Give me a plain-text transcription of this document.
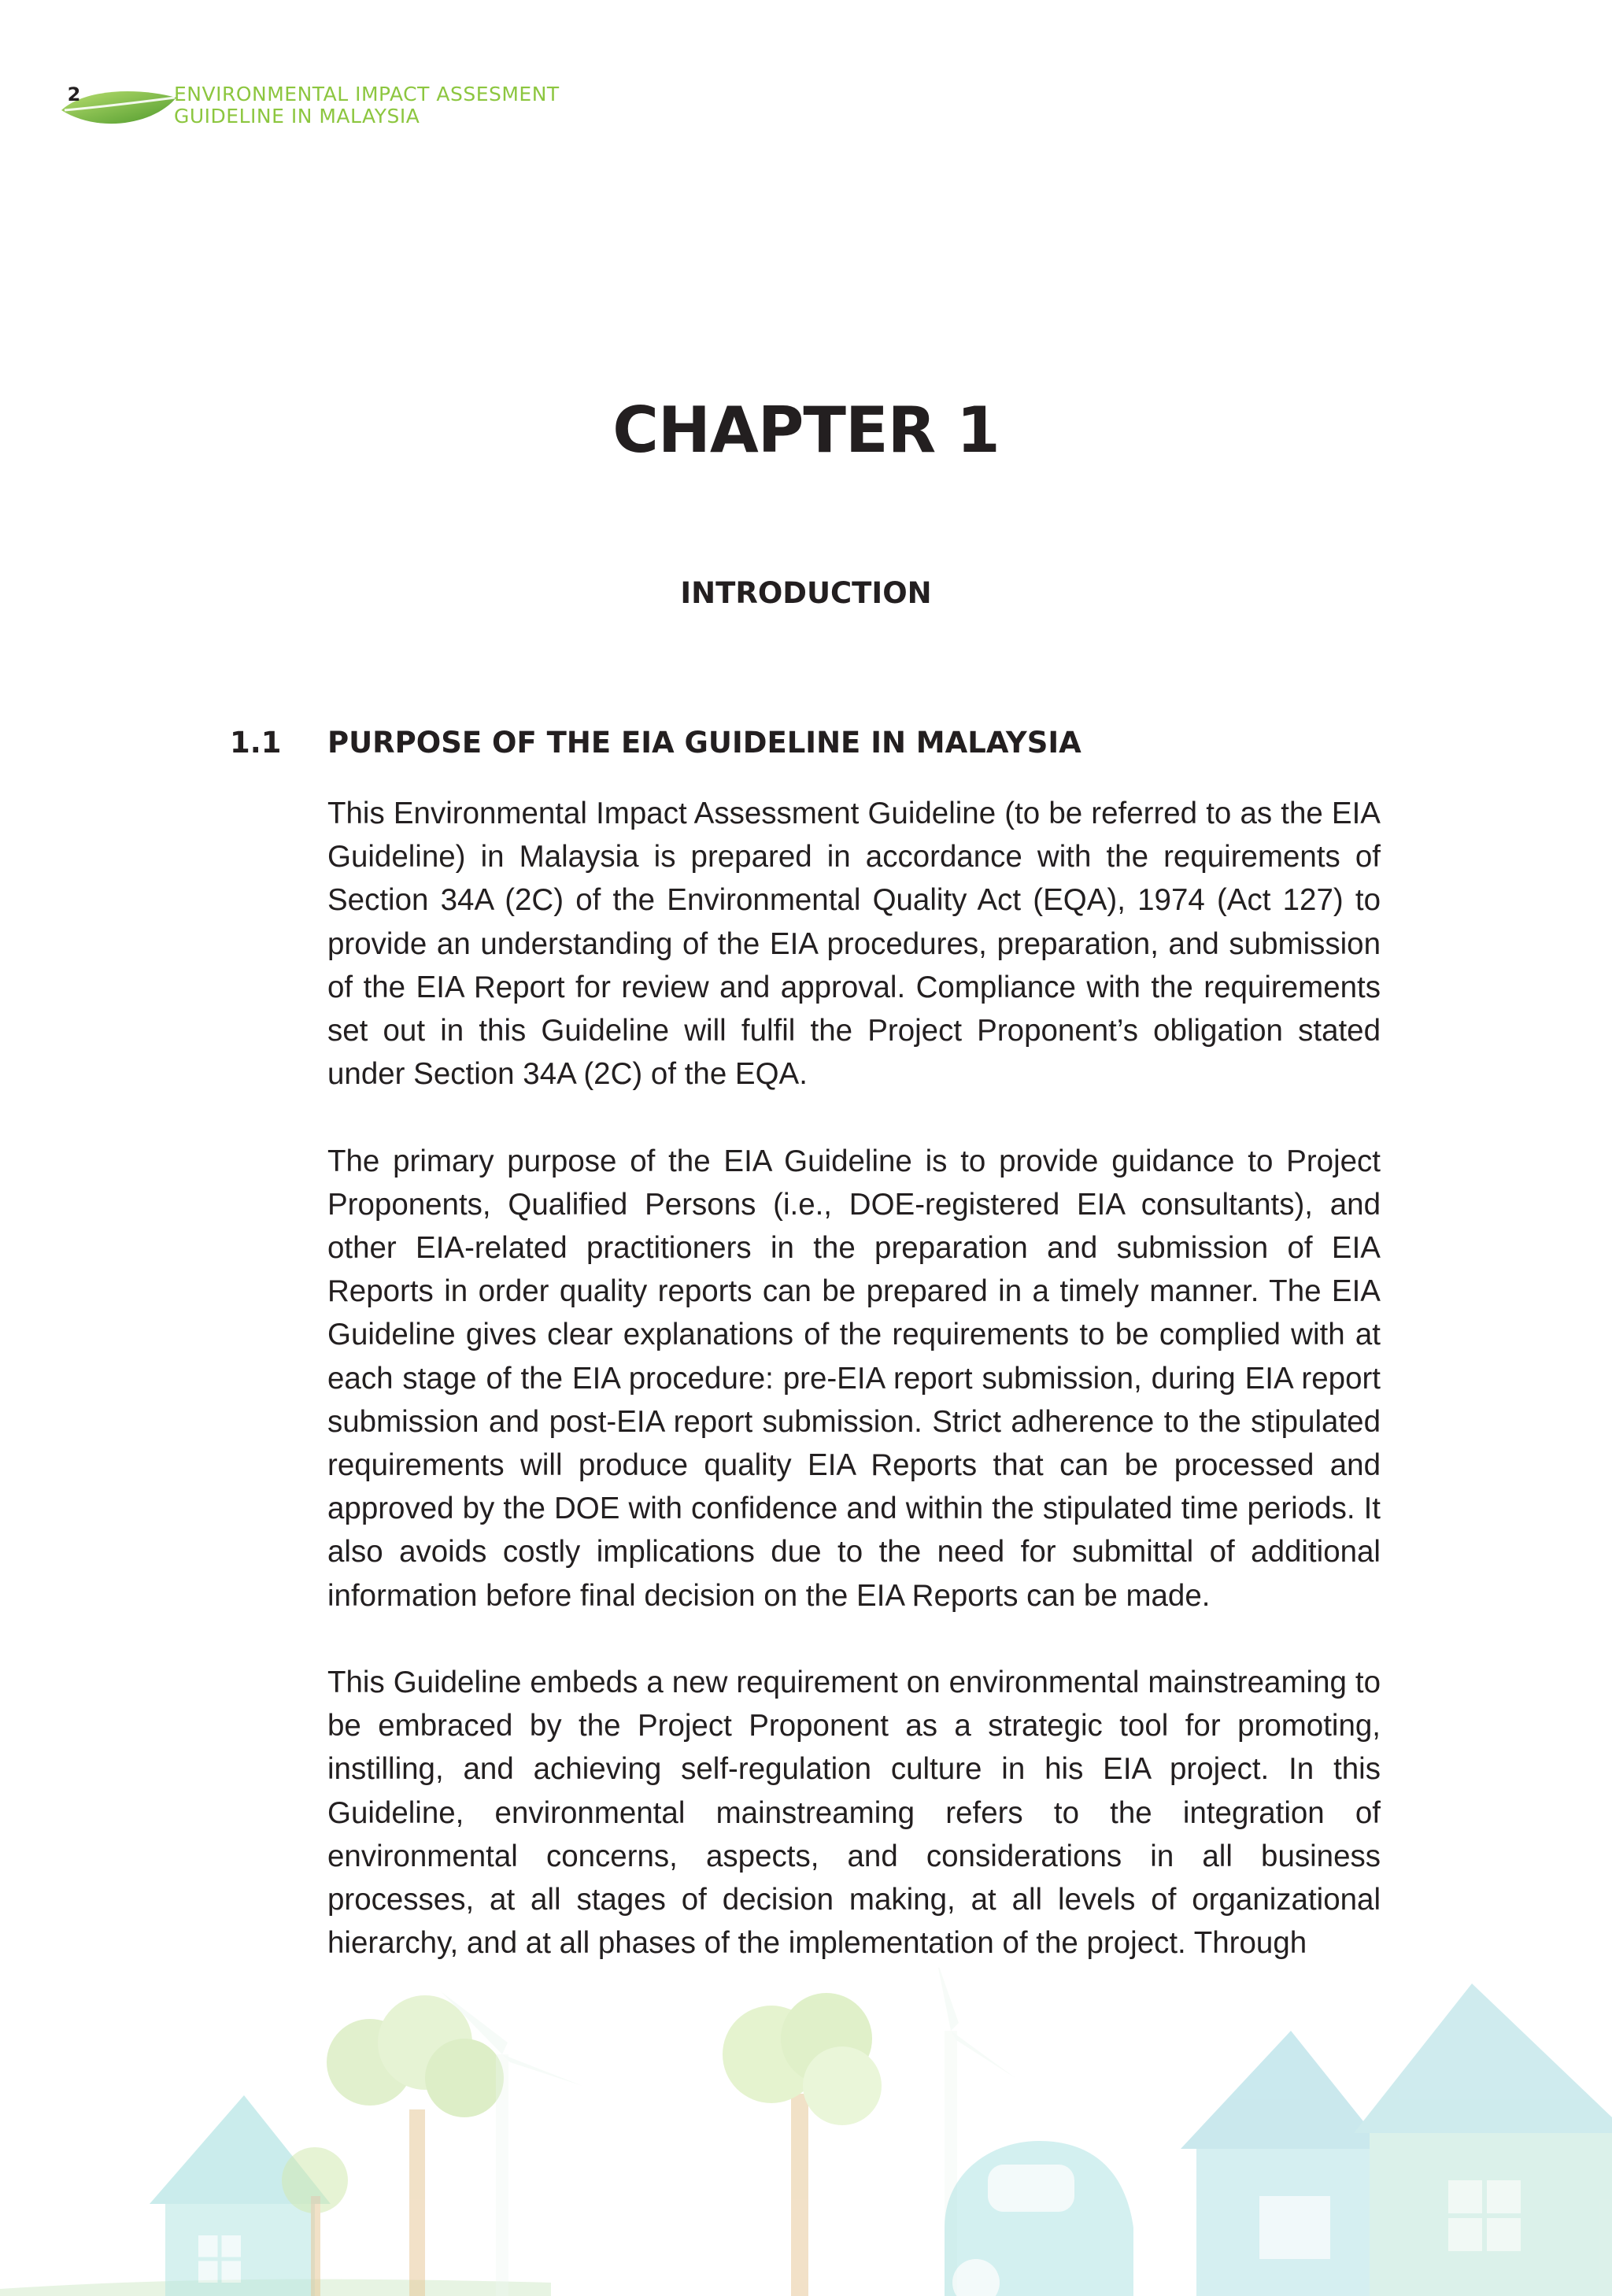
2	ENVIRONMENTAL IMPACT ASSESMENT
GUIDELINE IN MALAYSIA
CHAPTER 1
INTRODUCTION
1.1 PURPOSE OF THE EIA GUIDELINE IN MALAYSIA

This Environmental Impact Assessment Guideline (to be referred to as the EIA Guideline) in Malaysia is prepared in accordance with the requirements of Section 34A (2C) of the Environmental Quality Act (EQA), 1974 (Act 127) to provide an understanding of the EIA procedures, preparation, and submission of the EIA Report for review and approval. Compliance with the requirements set out in this Guideline will fulfil the Project Proponent’s obligation stated under Section 34A (2C) of the EQA.

The primary purpose of the EIA Guideline is to provide guidance to Project Proponents, Qualified Persons (i.e., DOE-registered EIA consultants), and other EIA-related practitioners in the preparation and submission of EIA Reports in order quality reports can be prepared in a timely manner. The EIA Guideline gives clear explanations of the requirements to be complied with at each stage of the EIA procedure: pre-EIA report submission, during EIA report submission and post-EIA report submission. Strict adherence to the stipulated requirements will produce quality EIA Reports that can be processed and approved by the DOE with confidence and within the stipulated time periods. It also avoids costly implications due to the need for submittal of additional information before final decision on the EIA Reports can be made.

This Guideline embeds a new requirement on environmental mainstreaming to be embraced by the Project Proponent as a strategic tool for promoting, instilling, and achieving self-regulation culture in his EIA project. In this Guideline, environmental mainstreaming refers to the integration of environmental concerns, aspects, and considerations in all business processes, at all stages of decision making, at all levels of organizational hierarchy, and at all phases of the implementation of the project. Through
